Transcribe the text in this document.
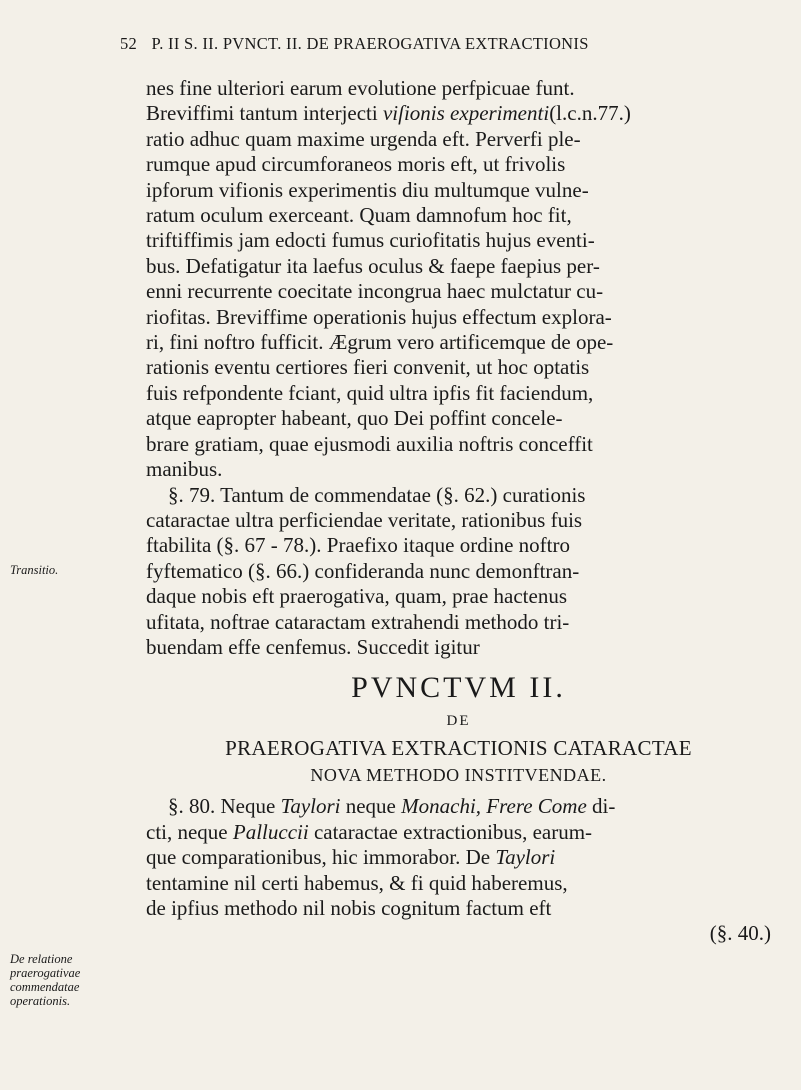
52 P. II S. II. PVNCT. II. DE PRAEROGATIVA EXTRACTIONIS
Transitio.
De relatione
praerogativae
commendatae
operationis.
nes fine ulteriori earum evolutione perfpicuae funt.
Breviffimi tantum interjecti viſionis experimenti(l.c.n.77.)
ratio adhuc quam maxime urgenda eft. Perverfi ple-
rumque apud circumforaneos moris eft, ut frivolis
ipforum vifionis experimentis diu multumque vulne-
ratum oculum exerceant. Quam damnofum hoc fit,
triftiffimis jam edocti fumus curiofitatis hujus eventi-
bus. Defatigatur ita laefus oculus & faepe faepius per-
enni recurrente coecitate incongrua haec mulctatur cu-
riofitas. Breviffime operationis hujus effectum explora-
ri, fini noftro fufficit. Ægrum vero artificemque de ope-
rationis eventu certiores fieri convenit, ut hoc optatis
fuis refpondente fciant, quid ultra ipfis fit faciendum,
atque eapropter habeant, quo Dei poffint concele-
brare gratiam, quae ejusmodi auxilia noftris conceffit
manibus.
§. 79. Tantum de commendatae (§. 62.) curationis
cataractae ultra perficiendae veritate, rationibus fuis
ftabilita (§. 67 - 78.). Praefixo itaque ordine noftro
fyftematico (§. 66.) confideranda nunc demonftran-
daque nobis eft praerogativa, quam, prae hactenus
ufitata, noftrae cataractam extrahendi methodo tri-
buendam effe cenfemus. Succedit igitur
PVNCTVM II.
DE
PRAEROGATIVA EXTRACTIONIS CATARACTAE
NOVA METHODO INSTITVENDAE.
§. 80. Neque Taylori neque Monachi, Frere Come di-
cti, neque Palluccii cataractae extractionibus, earum-
que comparationibus, hic immorabor. De Taylori
tentamine nil certi habemus, & fi quid haberemus,
de ipfius methodo nil nobis cognitum factum eft
(§. 40.)
